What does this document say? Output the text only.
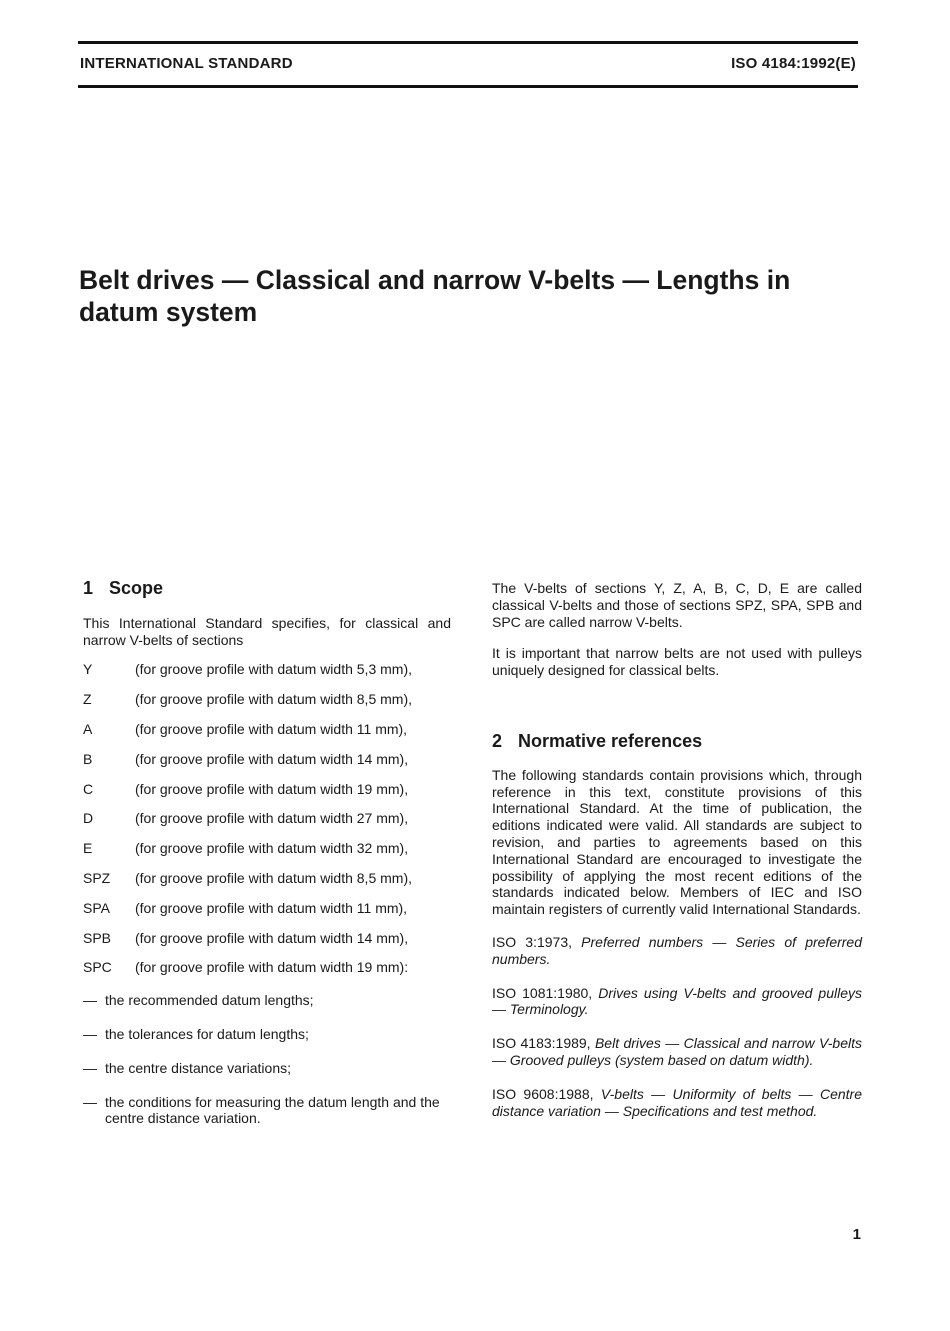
INTERNATIONAL STANDARD	ISO 4184:1992(E)
Belt drives — Classical and narrow V-belts — Lengths in datum system
1 Scope

This International Standard specifies, for classical and narrow V-belts of sections

Y	(for groove profile with datum width 5,3 mm),
Z	(for groove profile with datum width 8,5 mm),
A	(for groove profile with datum width 11 mm),
B	(for groove profile with datum width 14 mm),
C	(for groove profile with datum width 19 mm),
D	(for groove profile with datum width 27 mm),
E	(for groove profile with datum width 32 mm),
SPZ	(for groove profile with datum width 8,5 mm),
SPA	(for groove profile with datum width 11 mm),
SPB	(for groove profile with datum width 14 mm),
SPC	(for groove profile with datum width 19 mm):
— the recommended datum lengths;
— the tolerances for datum lengths;
— the centre distance variations;
— the conditions for measuring the datum length and the centre distance variation.

The V-belts of sections Y, Z, A, B, C, D, E are called classical V-belts and those of sections SPZ, SPA, SPB and SPC are called narrow V-belts.

It is important that narrow belts are not used with pulleys uniquely designed for classical belts.

2 Normative references

The following standards contain provisions which, through reference in this text, constitute provisions of this International Standard. At the time of publication, the editions indicated were valid. All standards are subject to revision, and parties to agreements based on this International Standard are encouraged to investigate the possibility of applying the most recent editions of the standards indicated below. Members of IEC and ISO maintain registers of currently valid International Standards.

ISO 3:1973, Preferred numbers — Series of preferred numbers.

ISO 1081:1980, Drives using V-belts and grooved pulleys — Terminology.

ISO 4183:1989, Belt drives — Classical and narrow V-belts — Grooved pulleys (system based on datum width).

ISO 9608:1988, V-belts — Uniformity of belts — Centre distance variation — Specifications and test method.

1
